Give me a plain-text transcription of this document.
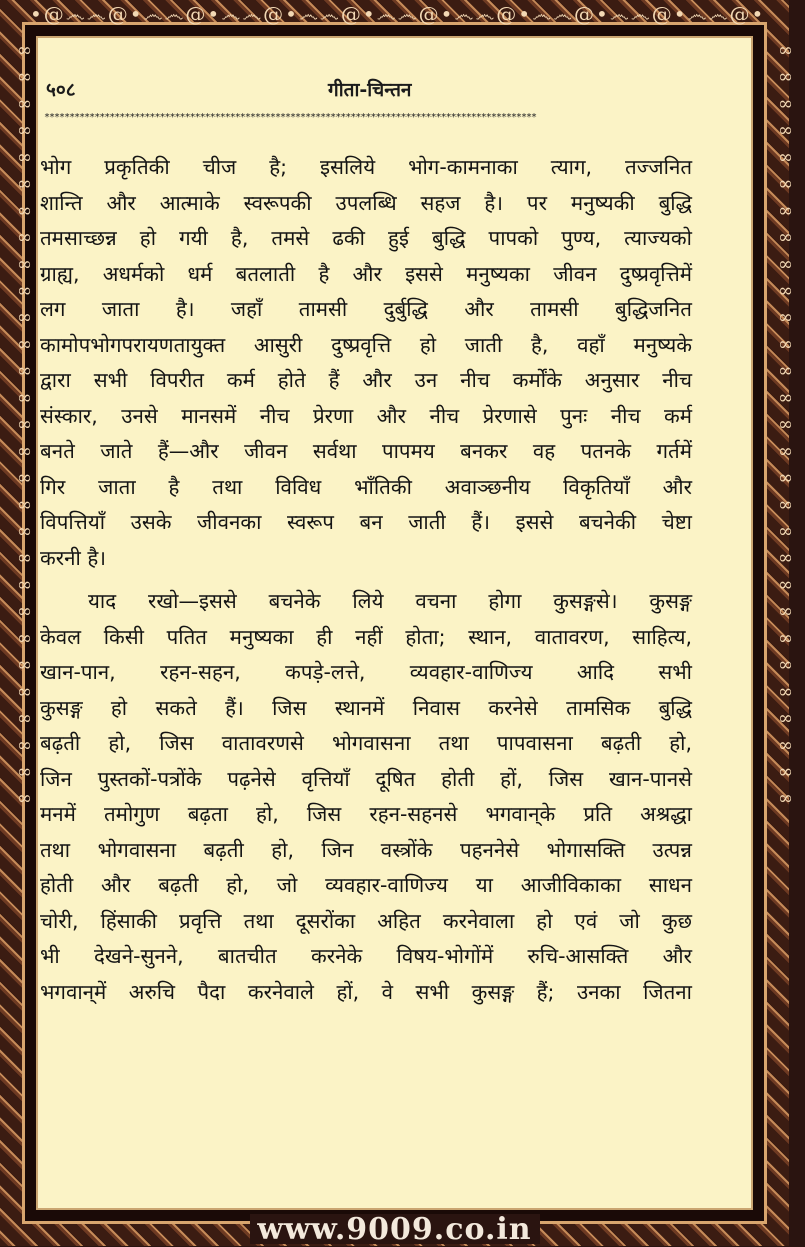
•@෴෴@•෴෴@•෴෴@•෴෴@•෴෴@•෴෴@•෴෴@•෴෴@•෴෴@•
∞ ∞ ∞ ∞ ∞ ∞ ∞ ∞ ∞ ∞ ∞ ∞ ∞ ∞ ∞ ∞ ∞ ∞ ∞ ∞ ∞ ∞ ∞ ∞ ∞ ∞ ∞ ∞ ∞	∞ ∞ ∞ ∞ ∞ ∞ ∞ ∞ ∞ ∞ ∞ ∞ ∞ ∞ ∞ ∞ ∞ ∞ ∞ ∞ ∞ ∞ ∞ ∞ ∞ ∞ ∞ ∞ ∞
५०८	गीता-चिन्तन
**************************************************************************************************
भोग प्रकृतिकी चीज है; इसलिये भोग-कामनाका त्याग, तज्जनित
शान्ति और आत्माके स्वरूपकी उपलब्धि सहज है। पर मनुष्यकी बुद्धि
तमसाच्छन्न हो गयी है, तमसे ढकी हुई बुद्धि पापको पुण्य, त्याज्यको
ग्राह्य, अधर्मको धर्म बतलाती है और इससे मनुष्यका जीवन दुष्प्रवृत्तिमें
लग जाता है। जहाँ तामसी दुर्बुद्धि और तामसी बुद्धिजनित
कामोपभोगपरायणतायुक्त आसुरी दुष्प्रवृत्ति हो जाती है, वहाँ मनुष्यके
द्वारा सभी विपरीत कर्म होते हैं और उन नीच कर्मोंके अनुसार नीच
संस्कार, उनसे मानसमें नीच प्रेरणा और नीच प्रेरणासे पुनः नीच कर्म
बनते जाते हैं—और जीवन सर्वथा पापमय बनकर वह पतनके गर्तमें
गिर जाता है तथा विविध भाँतिकी अवाञ्छनीय विकृतियाँ और
विपत्तियाँ उसके जीवनका स्वरूप बन जाती हैं। इससे बचनेकी चेष्टा
करनी है।
याद रखो—इससे बचनेके लिये वचना होगा कुसङ्गसे। कुसङ्ग
केवल किसी पतित मनुष्यका ही नहीं होता; स्थान, वातावरण, साहित्य,
खान-पान, रहन-सहन, कपड़े-लत्ते, व्यवहार-वाणिज्य आदि सभी
कुसङ्ग हो सकते हैं। जिस स्थानमें निवास करनेसे तामसिक बुद्धि
बढ़ती हो, जिस वातावरणसे भोगवासना तथा पापवासना बढ़ती हो,
जिन पुस्तकों-पत्रोंके पढ़नेसे वृत्तियाँ दूषित होती हों, जिस खान-पानसे
मनमें तमोगुण बढ़ता हो, जिस रहन-सहनसे भगवान्‌के प्रति अश्रद्धा
तथा भोगवासना बढ़ती हो, जिन वस्त्रोंके पहननेसे भोगासक्ति उत्पन्न
होती और बढ़ती हो, जो व्यवहार-वाणिज्य या आजीविकाका साधन
चोरी, हिंसाकी प्रवृत्ति तथा दूसरोंका अहित करनेवाला हो एवं जो कुछ
भी देखने-सुनने, बातचीत करनेके विषय-भोगोंमें रुचि-आसक्ति और
भगवान्‌में अरुचि पैदा करनेवाले हों, वे सभी कुसङ्ग हैं; उनका जितना
www.9009.co.in
